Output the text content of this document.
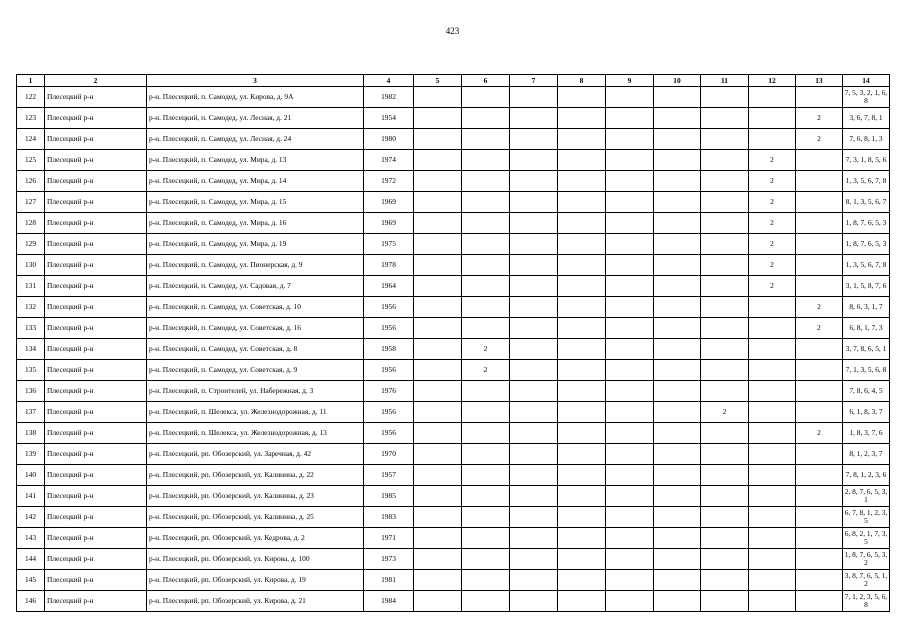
423
1	2	3	4	5	6	7	8	9	10	11	12	13	14
122	Плесецкий р-н	р-н. Плесецкий, п. Самодед, ул. Кирова, д. 9А	1982										7, 5, 3, 2, 1, 6, 8
123	Плесецкий р-н	р-н. Плесецкий, п. Самодед, ул. Лесная, д. 21	1954									2	3, 6, 7, 8, 1
124	Плесецкий р-н	р-н. Плесецкий, п. Самодед, ул. Лесная, д. 24	1980									2	7, 6, 8, 1, 3
125	Плесецкий р-н	р-н. Плесецкий, п. Самодед, ул. Мира, д. 13	1974								2		7, 3, 1, 8, 5, 6
126	Плесецкий р-н	р-н. Плесецкий, п. Самодед, ул. Мира, д. 14	1972								2		1, 3, 5, 6, 7, 8
127	Плесецкий р-н	р-н. Плесецкий, п. Самодед, ул. Мира, д. 15	1969								2		8, 1, 3, 5, 6, 7
128	Плесецкий р-н	р-н. Плесецкий, п. Самодед, ул. Мира, д. 16	1969								2		1, 8, 7, 6, 5, 3
129	Плесецкий р-н	р-н. Плесецкий, п. Самодед, ул. Мира, д. 19	1975								2		1, 8, 7, 6, 5, 3
130	Плесецкий р-н	р-н. Плесецкий, п. Самодед, ул. Пионерская, д. 9	1978								2		1, 3, 5, 6, 7, 8
131	Плесецкий р-н	р-н. Плесецкий, п. Самодед, ул. Садовая, д. 7	1964								2		3, 1, 5, 8, 7, 6
132	Плесецкий р-н	р-н. Плесецкий, п. Самодед, ул. Советская, д. 10	1956									2	8, 6, 3, 1, 7
133	Плесецкий р-н	р-н. Плесецкий, п. Самодед, ул. Советская, д. 16	1956									2	6, 8, 1, 7, 3
134	Плесецкий р-н	р-н. Плесецкий, п. Самодед, ул. Советская, д. 8	1958		2								3, 7, 8, 6, 5, 1
135	Плесецкий р-н	р-н. Плесецкий, п. Самодед, ул. Советская, д. 9	1956		2								7, 1, 3, 5, 6, 8
136	Плесецкий р-н	р-н. Плесецкий, п. Строителей, ул. Набережная, д. 3	1976										7, 8, 6, 4, 5
137	Плесецкий р-н	р-н. Плесецкий, п. Шелекса, ул. Железнодорожная, д. 11	1956							2			6, 1, 8, 3, 7
138	Плесецкий р-н	р-н. Плесецкий, п. Шелекса, ул. Железнодорожная, д. 13	1956									2	1, 8, 3, 7, 6
139	Плесецкий р-н	р-н. Плесецкий, рп. Обозерский, ул. Заречная, д. 42	1970										8, 1, 2, 3, 7
140	Плесецкий р-н	р-н. Плесецкий, рп. Обозерский, ул. Калинина, д. 22	1957										7, 8, 1, 2, 3, 6
141	Плесецкий р-н	р-н. Плесецкий, рп. Обозерский, ул. Калинина, д. 23	1985										2, 8, 7, 6, 5, 3, 1
142	Плесецкий р-н	р-н. Плесецкий, рп. Обозерский, ул. Калинина, д. 25	1983										6, 7, 8, 1, 2, 3, 5
143	Плесецкий р-н	р-н. Плесецкий, рп. Обозерский, ул. Кедрова, д. 2	1971										6, 8, 2, 1, 7, 3, 5
144	Плесецкий р-н	р-н. Плесецкий, рп. Обозерский, ул. Кирова, д. 100	1973										1, 8, 7, 6, 5, 3, 2
145	Плесецкий р-н	р-н. Плесецкий, рп. Обозерский, ул. Кирова, д. 19	1981										3, 8, 7, 6, 5, 1, 2
146	Плесецкий р-н	р-н. Плесецкий, рп. Обозерский, ул. Кирова, д. 21	1984										7, 1, 2, 3, 5, 6, 8
